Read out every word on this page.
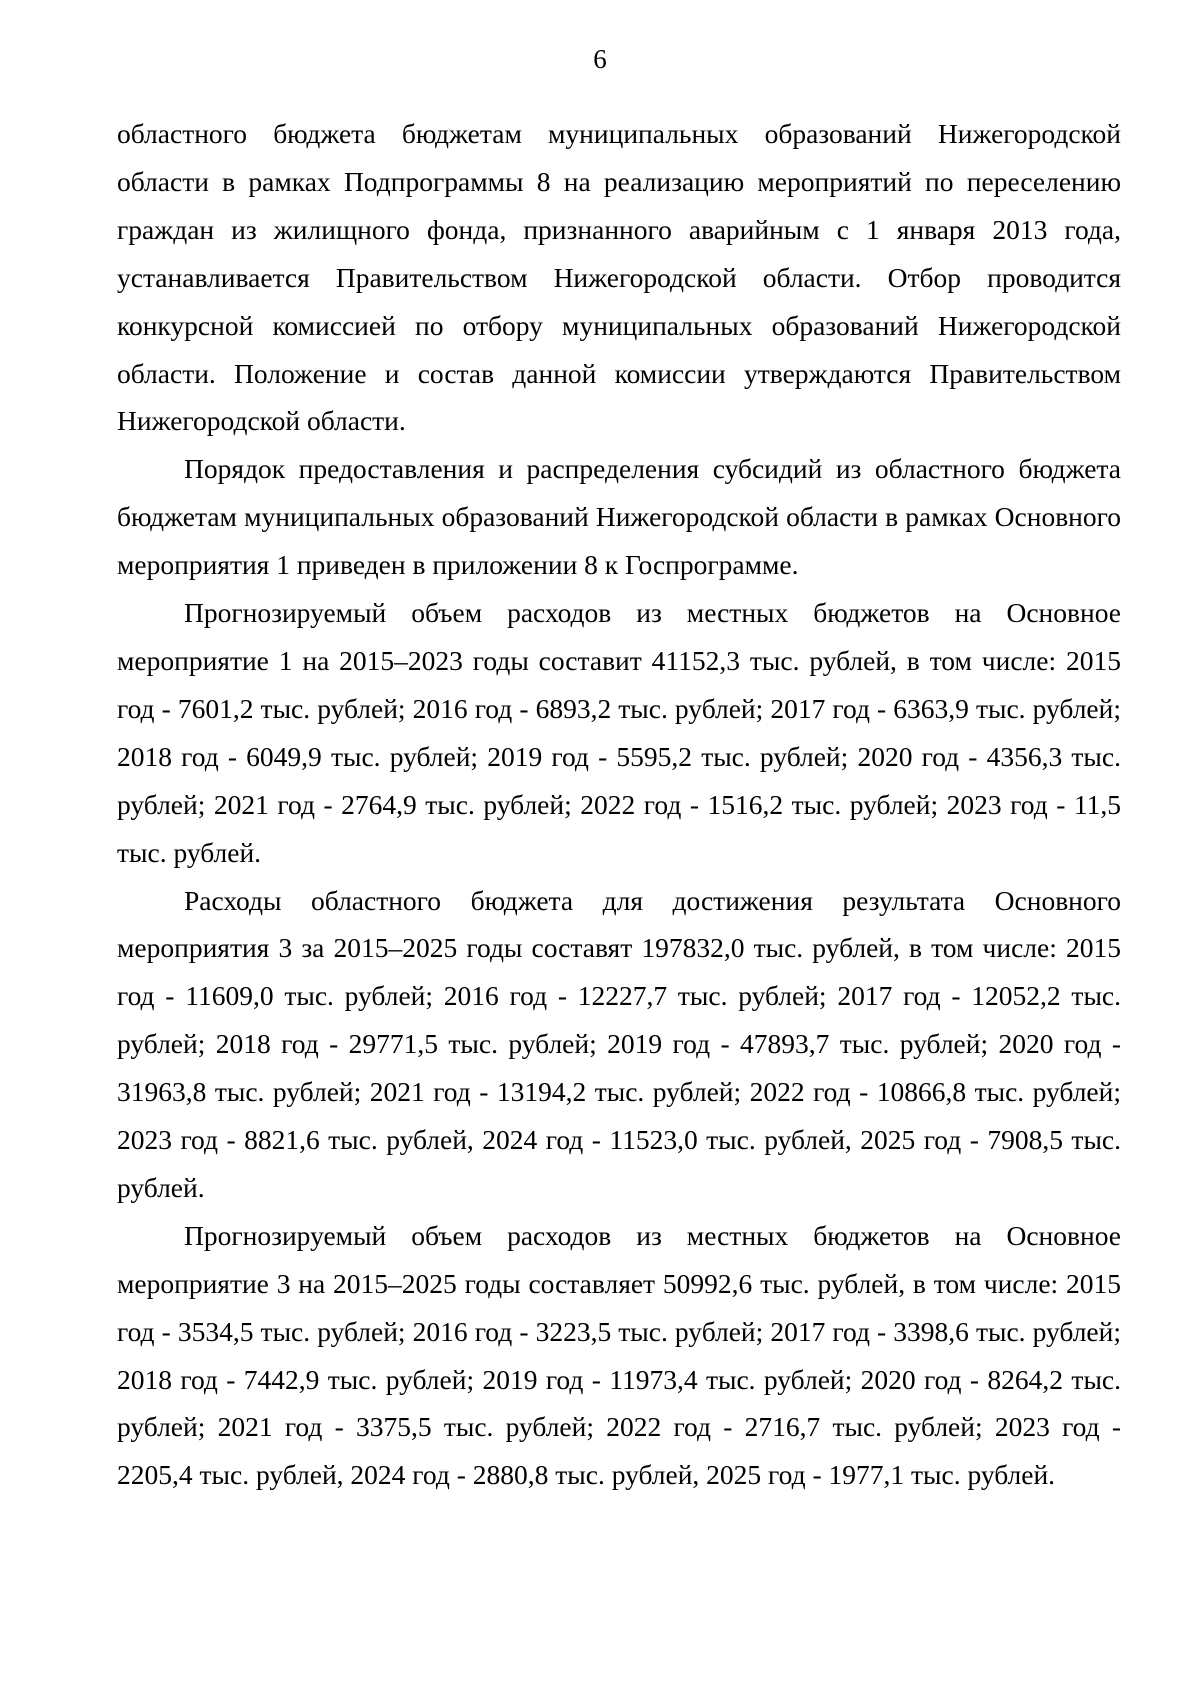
6

областного бюджета бюджетам муниципальных образований Нижегородской области в рамках Подпрограммы 8 на реализацию мероприятий по переселению граждан из жилищного фонда, признанного аварийным с 1 января 2013 года, устанавливается Правительством Нижегородской области. Отбор проводится конкурсной комиссией по отбору муниципальных образований Нижегородской области. Положение и состав данной комиссии утверждаются Правительством Нижегородской области.

Порядок предоставления и распределения субсидий из областного бюджета бюджетам муниципальных образований Нижегородской области в рамках Основного мероприятия 1 приведен в приложении 8 к Госпрограмме.

Прогнозируемый объем расходов из местных бюджетов на Основное мероприятие 1 на 2015–2023 годы составит 41152,3 тыс. рублей, в том числе: 2015 год - 7601,2 тыс. рублей; 2016 год - 6893,2 тыс. рублей; 2017 год - 6363,9 тыс. рублей; 2018 год - 6049,9 тыс. рублей; 2019 год - 5595,2 тыс. рублей; 2020 год - 4356,3 тыс. рублей; 2021 год - 2764,9 тыс. рублей; 2022 год - 1516,2 тыс. рублей; 2023 год - 11,5 тыс. рублей.

Расходы областного бюджета для достижения результата Основного мероприятия 3 за 2015–2025 годы составят 197832,0 тыс. рублей, в том числе: 2015 год - 11609,0 тыс. рублей; 2016 год - 12227,7 тыс. рублей; 2017 год - 12052,2 тыс. рублей; 2018 год - 29771,5 тыс. рублей; 2019 год - 47893,7 тыс. рублей; 2020 год - 31963,8 тыс. рублей; 2021 год - 13194,2 тыс. рублей; 2022 год - 10866,8 тыс. рублей; 2023 год - 8821,6 тыс. рублей, 2024 год - 11523,0 тыс. рублей, 2025 год - 7908,5 тыс. рублей.

Прогнозируемый объем расходов из местных бюджетов на Основное мероприятие 3 на 2015–2025 годы составляет 50992,6 тыс. рублей, в том числе: 2015 год - 3534,5 тыс. рублей; 2016 год - 3223,5 тыс. рублей; 2017 год - 3398,6 тыс. рублей; 2018 год - 7442,9 тыс. рублей; 2019 год - 11973,4 тыс. рублей; 2020 год - 8264,2 тыс. рублей; 2021 год - 3375,5 тыс. рублей; 2022 год - 2716,7 тыс. рублей; 2023 год - 2205,4 тыс. рублей, 2024 год - 2880,8 тыс. рублей, 2025 год - 1977,1 тыс. рублей.
